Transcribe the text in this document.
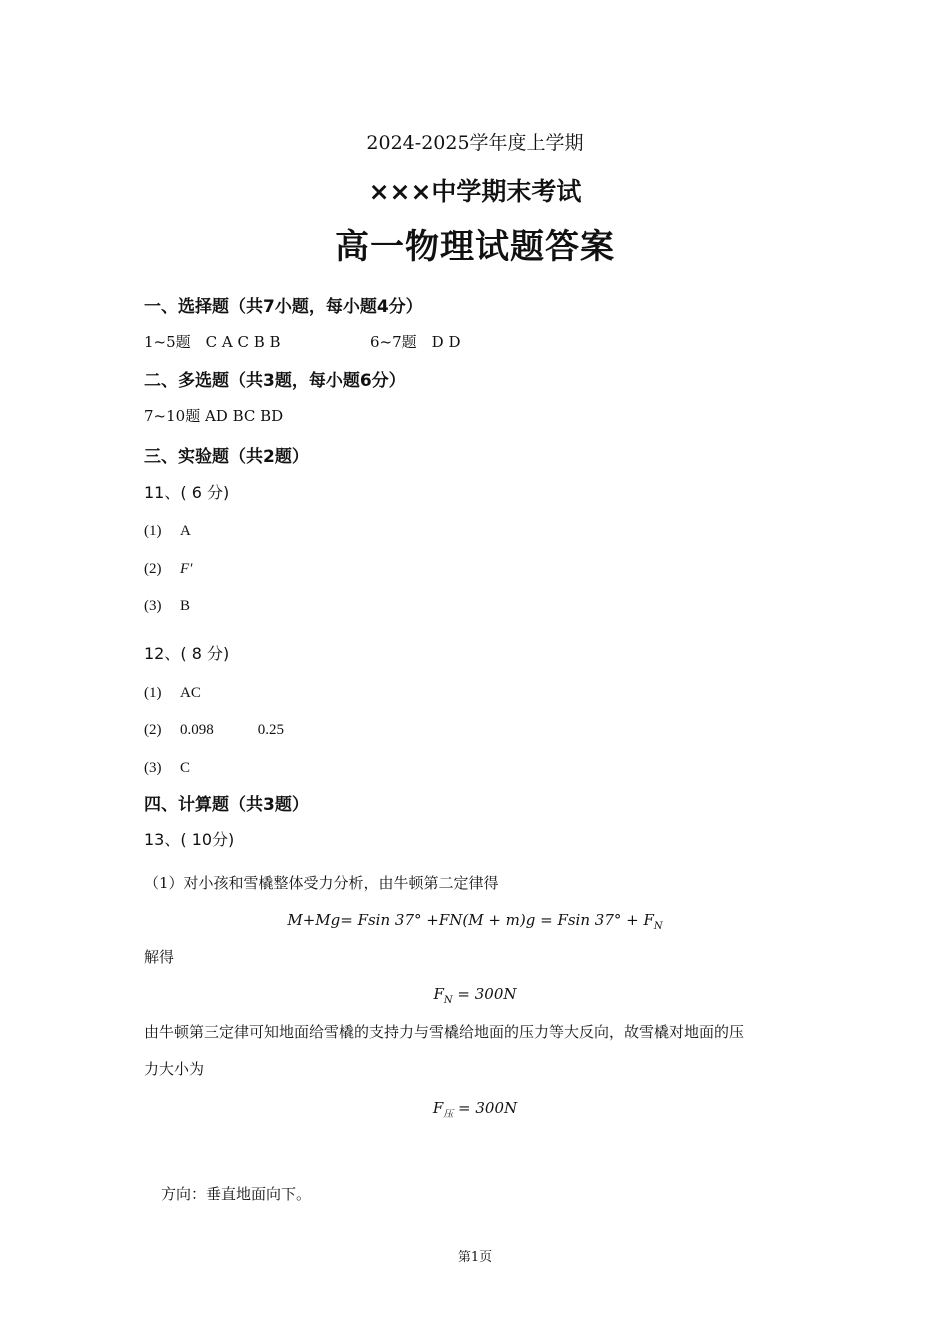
2024-2025学年度上学期
×××中学期末考试
高一物理试题答案
一、选择题（共7小题，每小题4分）
1~5题　C A C B B	6~7题　D D
二、多选题（共3题，每小题6分）
7~10题 AD BC BD
三、实验题（共2题）
11、( 6 分)
(1) A
(2) F′
(3) B
12、( 8 分)
(1) AC
(2) 0.098	0.25
(3) C
四、计算题（共3题）
13、( 10分)
（1）对小孩和雪橇整体受力分析，由牛顿第二定律得
M+Mg= Fsin 37° +FN(M + m)g = Fsin $37^\circ + F_N$
解得
$F_N = 300N$
由牛顿第三定律可知地面给雪橇的支持力与雪橇给地面的压力等大反向，故雪橇对地面的压
力大小为
$F_压 = 300N$
方向：垂直地面向下。
第1页
